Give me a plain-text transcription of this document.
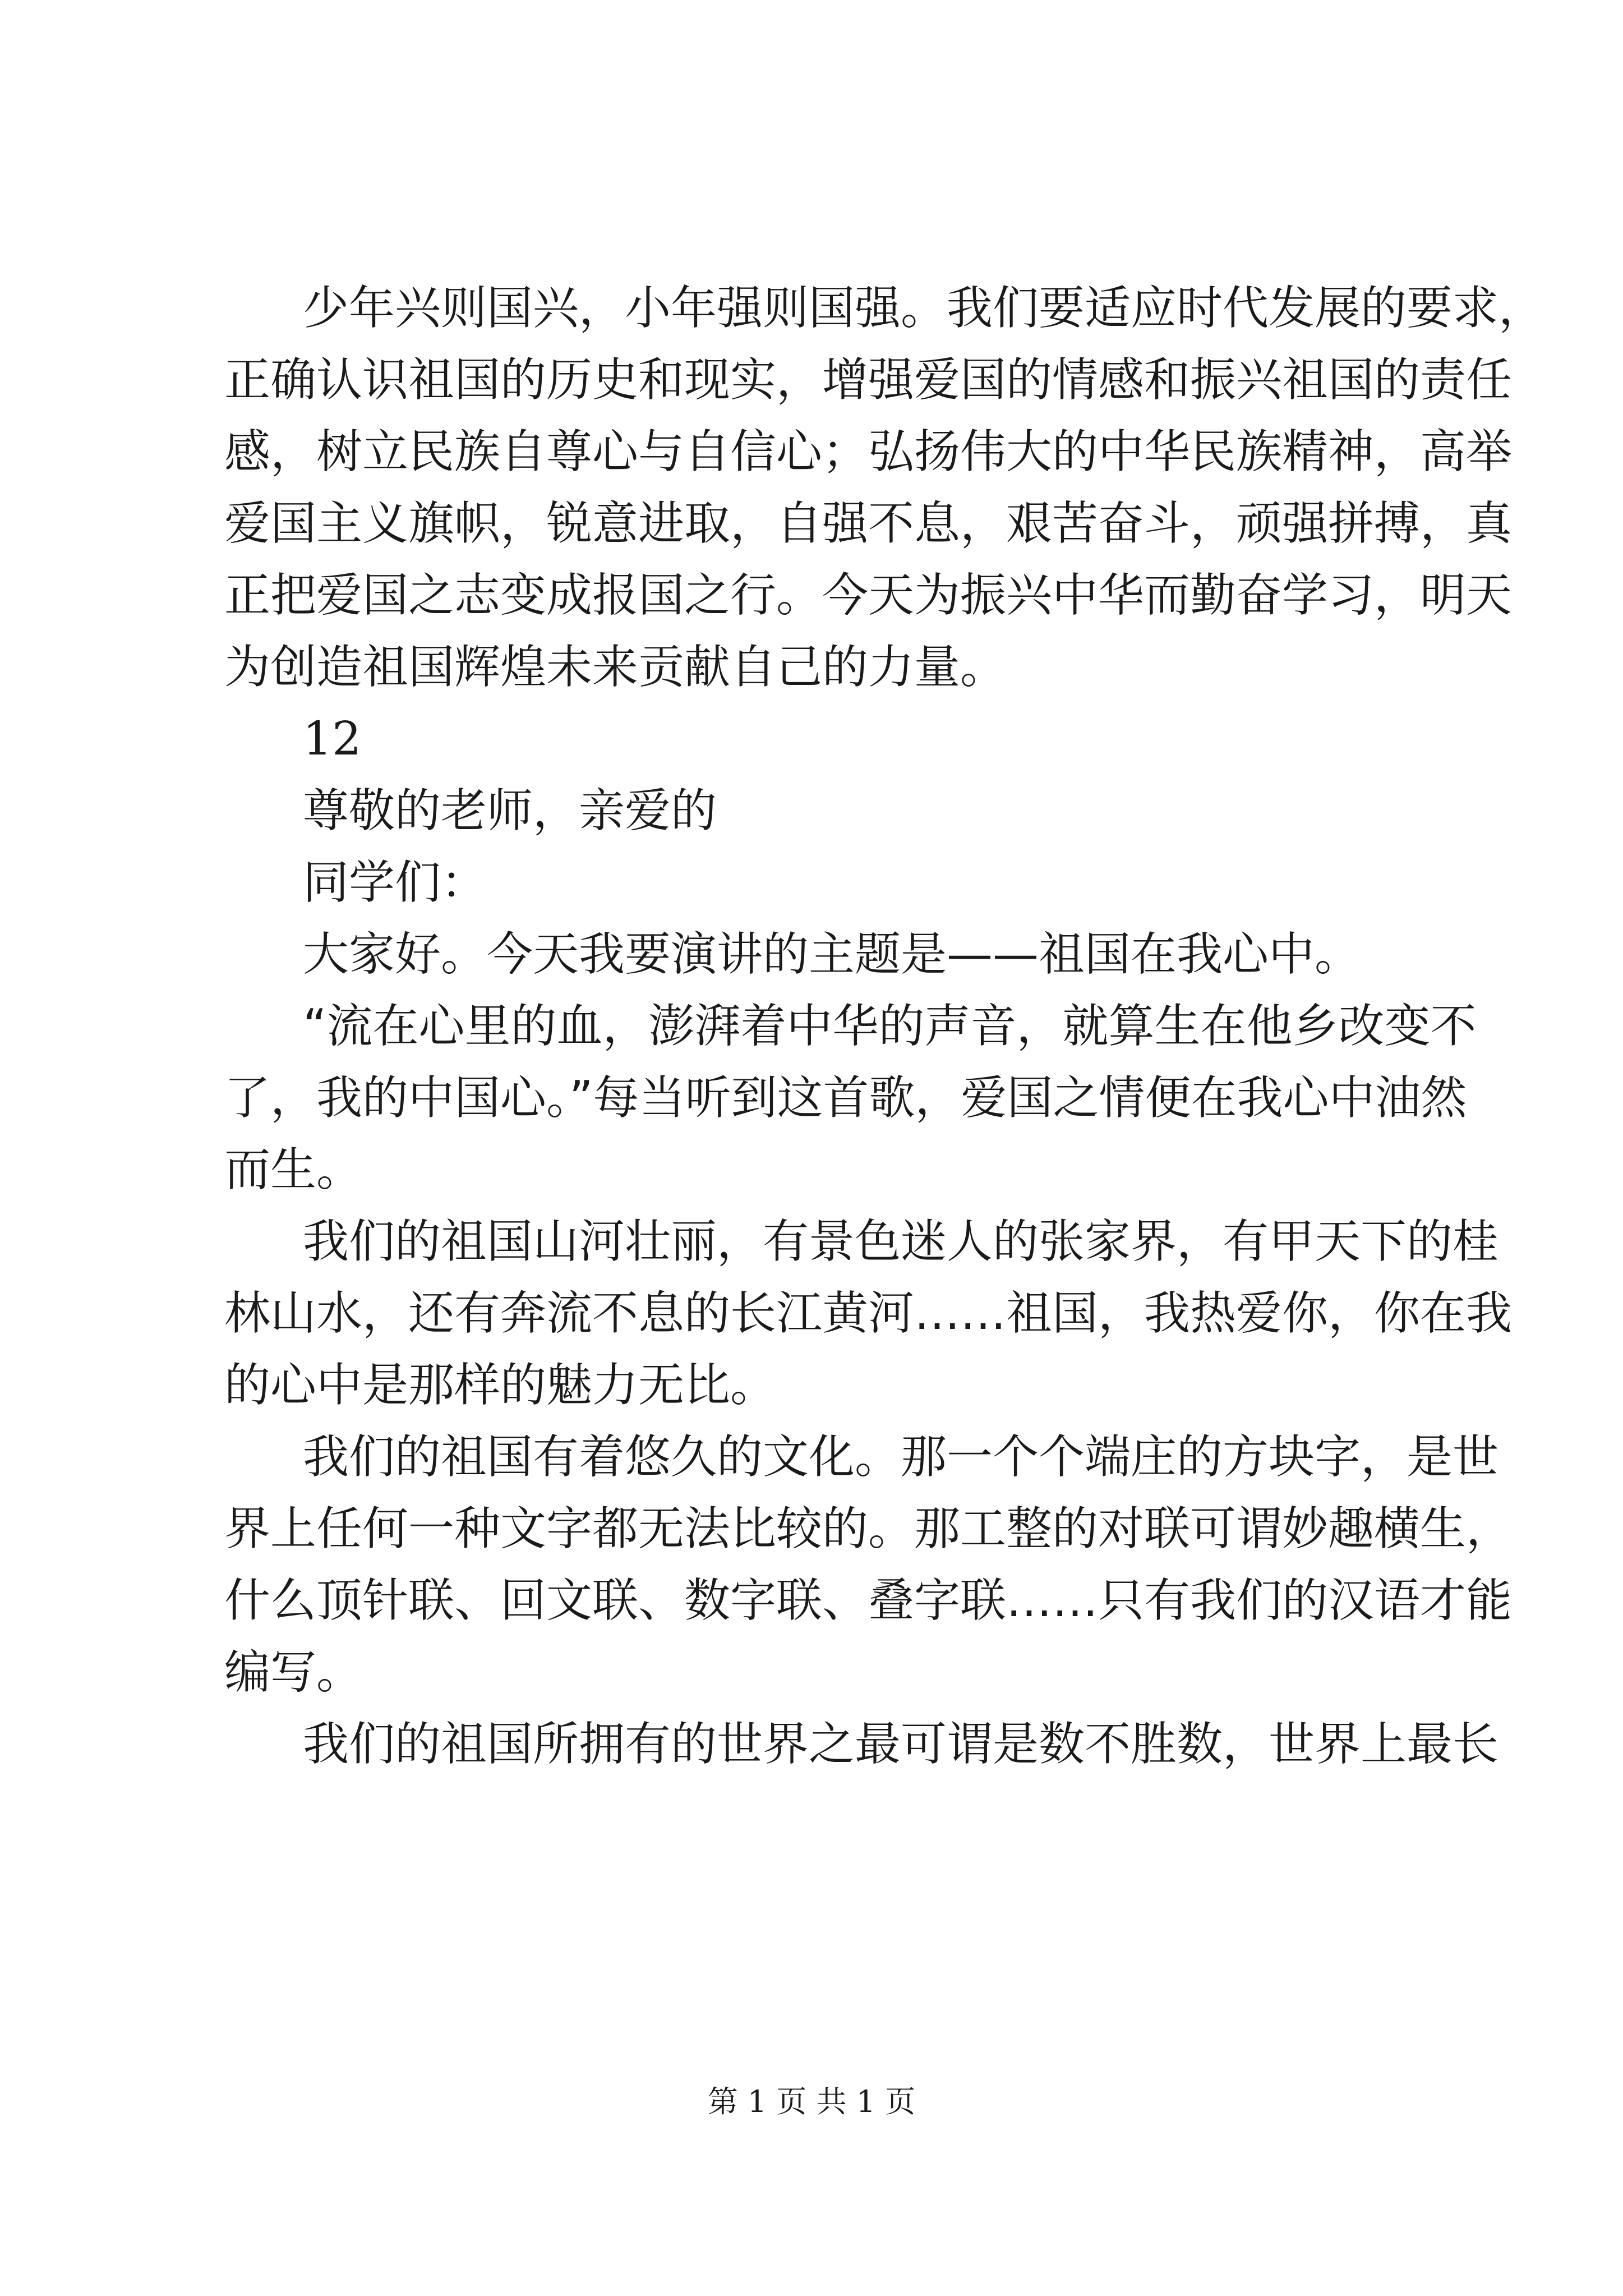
少年兴则国兴，小年强则国强。我们要适应时代发展的要求，
正确认识祖国的历史和现实，增强爱国的情感和振兴祖国的责任
感，树立民族自尊心与自信心；弘扬伟大的中华民族精神，高举
爱国主义旗帜，锐意进取，自强不息，艰苦奋斗，顽强拼搏，真
正把爱国之志变成报国之行。今天为振兴中华而勤奋学习，明天
为创造祖国辉煌未来贡献自己的力量。
12
尊敬的老师，亲爱的
同学们：
大家好。今天我要演讲的主题是——祖国在我心中。
“流在心里的血，澎湃着中华的声音，就算生在他乡改变不
了，我的中国心。”每当听到这首歌，爱国之情便在我心中油然
而生。
我们的祖国山河壮丽，有景色迷人的张家界，有甲天下的桂
林山水，还有奔流不息的长江黄河……祖国，我热爱你，你在我
的心中是那样的魅力无比。
我们的祖国有着悠久的文化。那一个个端庄的方块字，是世
界上任何一种文字都无法比较的。那工整的对联可谓妙趣横生，
什么顶针联、回文联、数字联、叠字联……只有我们的汉语才能
编写。
我们的祖国所拥有的世界之最可谓是数不胜数，世界上最长
第 1 页 共 1 页
